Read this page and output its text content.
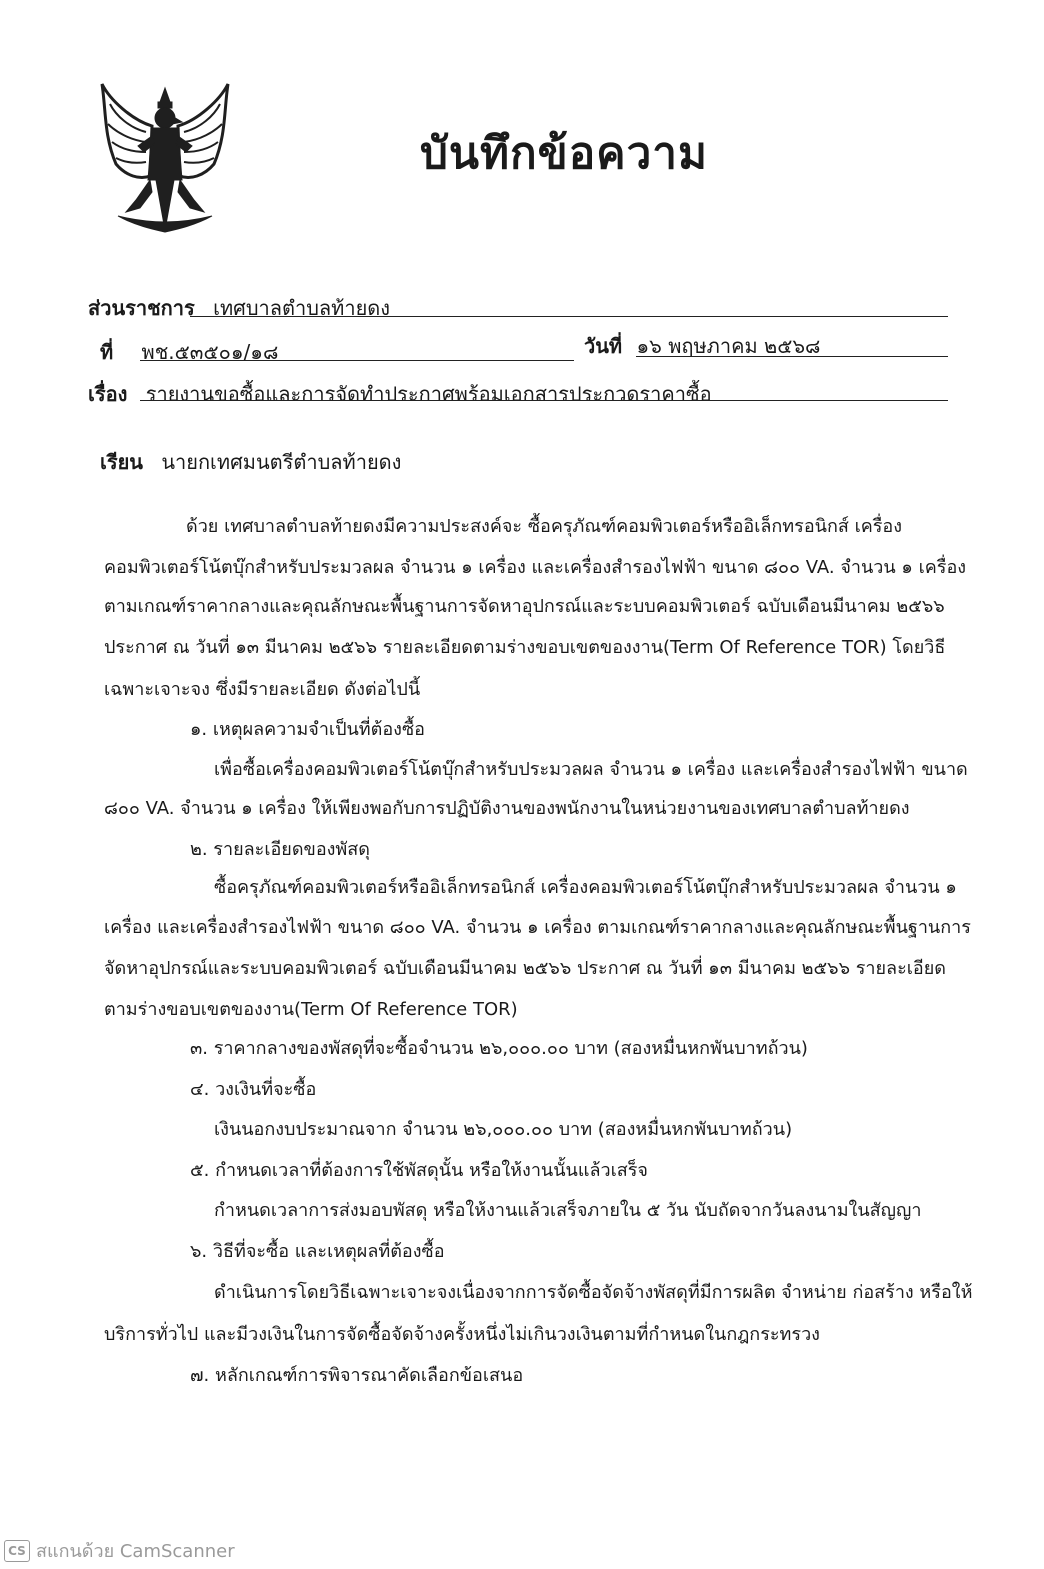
บันทึกข้อความ
ส่วนราชการ เทศบาลตำบลท้ายดง
ที่ พช.๕๓๕๐๑/๑๘	วันที่ ๑๖ พฤษภาคม ๒๕๖๘
เรื่อง รายงานขอซื้อและการจัดทำประกาศพร้อมเอกสารประกวดราคาซื้อ
เรียน นายกเทศมนตรีตำบลท้ายดง
ด้วย เทศบาลตำบลท้ายดงมีความประสงค์จะ ซื้อครุภัณฑ์คอมพิวเตอร์หรืออิเล็กทรอนิกส์ เครื่อง
คอมพิวเตอร์โน้ตบุ๊กสำหรับประมวลผล จำนวน ๑ เครื่อง และเครื่องสำรองไฟฟ้า ขนาด ๘๐๐ VA. จำนวน ๑ เครื่อง
ตามเกณฑ์ราคากลางและคุณลักษณะพื้นฐานการจัดหาอุปกรณ์และระบบคอมพิวเตอร์ ฉบับเดือนมีนาคม ๒๕๖๖
ประกาศ ณ วันที่ ๑๓ มีนาคม ๒๕๖๖ รายละเอียดตามร่างขอบเขตของงาน(Term Of Reference TOR) โดยวิธี
เฉพาะเจาะจง ซึ่งมีรายละเอียด ดังต่อไปนี้
๑. เหตุผลความจำเป็นที่ต้องซื้อ
เพื่อซื้อเครื่องคอมพิวเตอร์โน้ตบุ๊กสำหรับประมวลผล จำนวน ๑ เครื่อง และเครื่องสำรองไฟฟ้า ขนาด
๘๐๐ VA. จำนวน ๑ เครื่อง ให้เพียงพอกับการปฏิบัติงานของพนักงานในหน่วยงานของเทศบาลตำบลท้ายดง
๒. รายละเอียดของพัสดุ
ซื้อครุภัณฑ์คอมพิวเตอร์หรืออิเล็กทรอนิกส์ เครื่องคอมพิวเตอร์โน้ตบุ๊กสำหรับประมวลผล จำนวน ๑
เครื่อง และเครื่องสำรองไฟฟ้า ขนาด ๘๐๐ VA. จำนวน ๑ เครื่อง ตามเกณฑ์ราคากลางและคุณลักษณะพื้นฐานการ
จัดหาอุปกรณ์และระบบคอมพิวเตอร์ ฉบับเดือนมีนาคม ๒๕๖๖ ประกาศ ณ วันที่ ๑๓ มีนาคม ๒๕๖๖ รายละเอียด
ตามร่างขอบเขตของงาน(Term Of Reference TOR)
๓. ราคากลางของพัสดุที่จะซื้อจำนวน ๒๖,๐๐๐.๐๐ บาท (สองหมื่นหกพันบาทถ้วน)
๔. วงเงินที่จะซื้อ
เงินนอกงบประมาณจาก จำนวน ๒๖,๐๐๐.๐๐ บาท (สองหมื่นหกพันบาทถ้วน)
๕. กำหนดเวลาที่ต้องการใช้พัสดุนั้น หรือให้งานนั้นแล้วเสร็จ
กำหนดเวลาการส่งมอบพัสดุ หรือให้งานแล้วเสร็จภายใน ๕ วัน นับถัดจากวันลงนามในสัญญา
๖. วิธีที่จะซื้อ และเหตุผลที่ต้องซื้อ
ดำเนินการโดยวิธีเฉพาะเจาะจงเนื่องจากการจัดซื้อจัดจ้างพัสดุที่มีการผลิต จำหน่าย ก่อสร้าง หรือให้
บริการทั่วไป และมีวงเงินในการจัดซื้อจัดจ้างครั้งหนึ่งไม่เกินวงเงินตามที่กำหนดในกฎกระทรวง
๗. หลักเกณฑ์การพิจารณาคัดเลือกข้อเสนอ
CS สแกนด้วย CamScanner
